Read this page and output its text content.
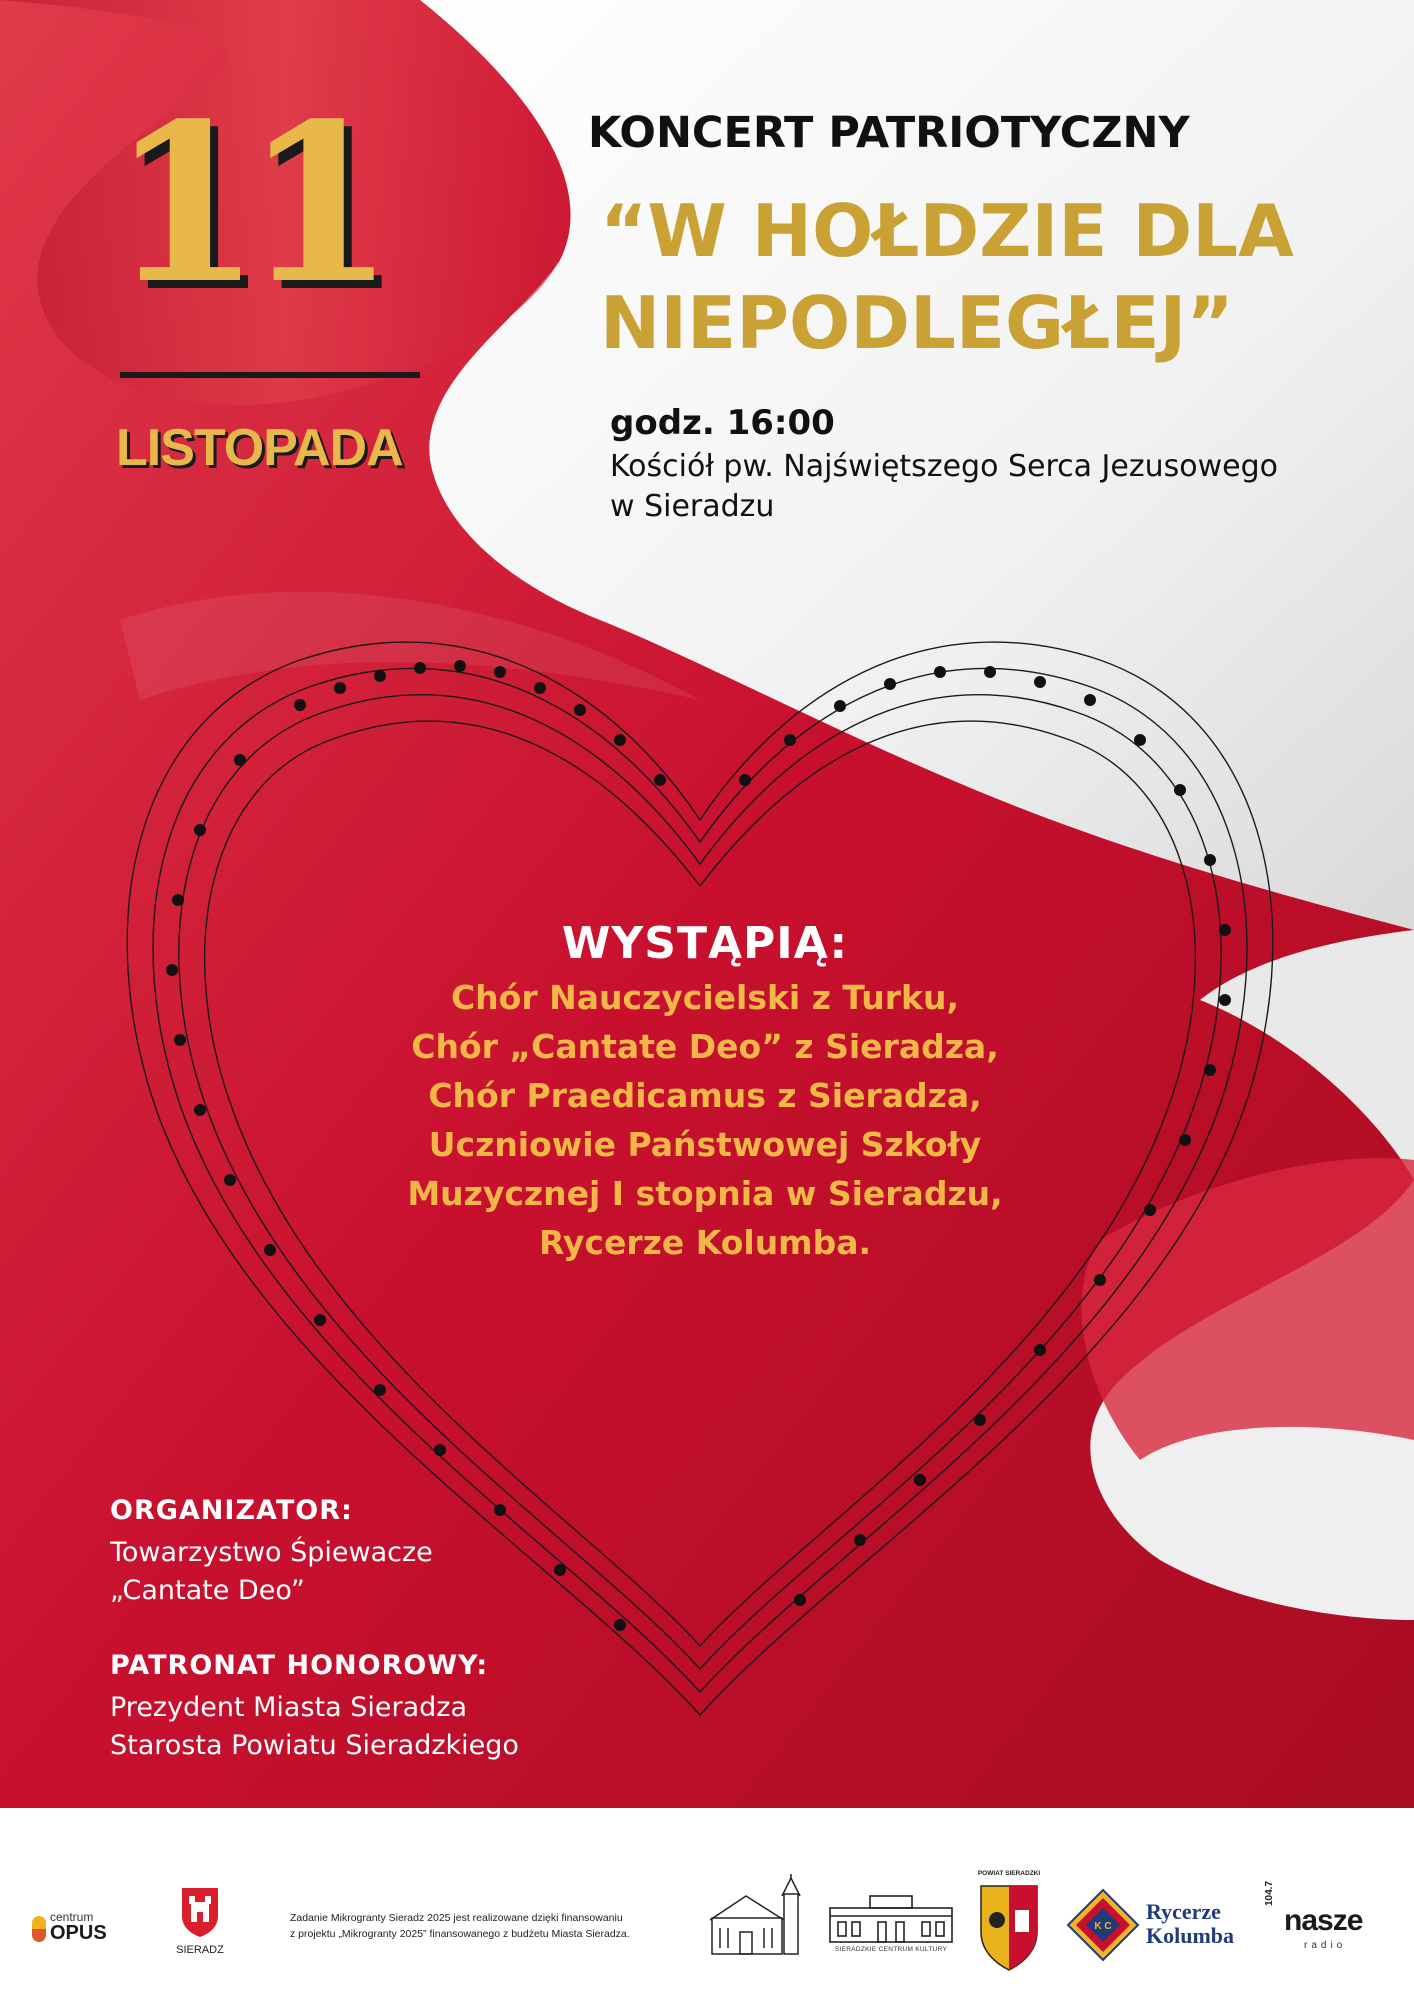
11
LISTOPADA
KONCERT PATRIOTYCZNY
“W HOŁDZIE DLA
NIEPODLEGŁEJ”
godz. 16:00
Kościół pw. Najświętszego Serca Jezusowego
w Sieradzu
WYSTĄPIĄ:
Chór Nauczycielski z Turku,
Chór „Cantate Deo” z Sieradza,
Chór Praedicamus z Sieradza,
Uczniowie Państwowej Szkoły
Muzycznej I stopnia w Sieradzu,
Rycerze Kolumba.
ORGANIZATOR:
Towarzystwo Śpiewacze
„Cantate Deo”
PATRONAT HONOROWY:
Prezydent Miasta Sieradza
Starosta Powiatu Sieradzkiego
centrum
OPUS
SIERADZ
Zadanie Mikrogranty Sieradz 2025 jest realizowane dzięki finansowaniu
z projektu „Mikrogranty 2025” finansowanego z budżetu Miasta Sieradza.
SIERADZKIE CENTRUM KULTURY
POWIAT SIERADZKI
K C
Rycerze
Kolumba
104.7
nasze
radio
